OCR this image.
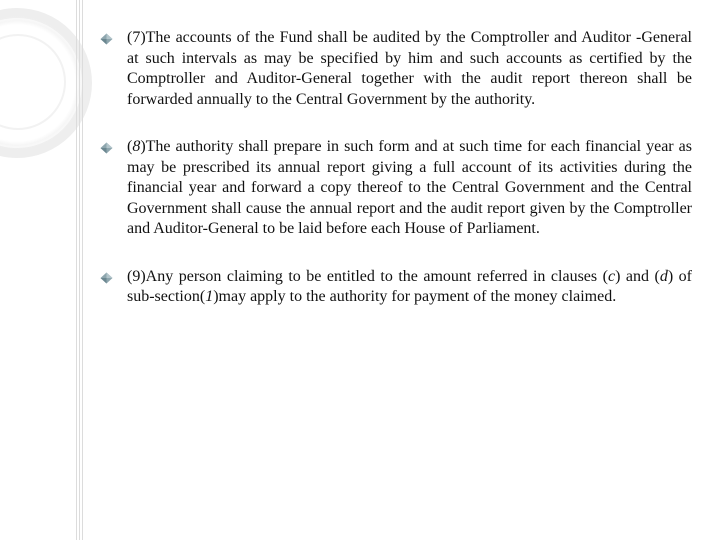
(7)The accounts of the Fund shall be audited by the Comptroller and Auditor -General at such intervals as may be specified by him and such accounts as certified by the Comptroller and Auditor-General together with the audit report thereon shall be forwarded annually to the Central Government by the authority.
(8)The authority shall prepare in such form and at such time for each financial year as may be prescribed its annual report giving a full account of its activities during the financial year and forward a copy thereof to the Central Government and the Central Government shall cause the annual report and the audit report given by the Comptroller and Auditor-General to be laid before each House of Parliament.
(9)Any person claiming to be entitled to the amount referred in clauses (c) and (d) of sub-section(1)may apply to the authority for payment of the money claimed.
